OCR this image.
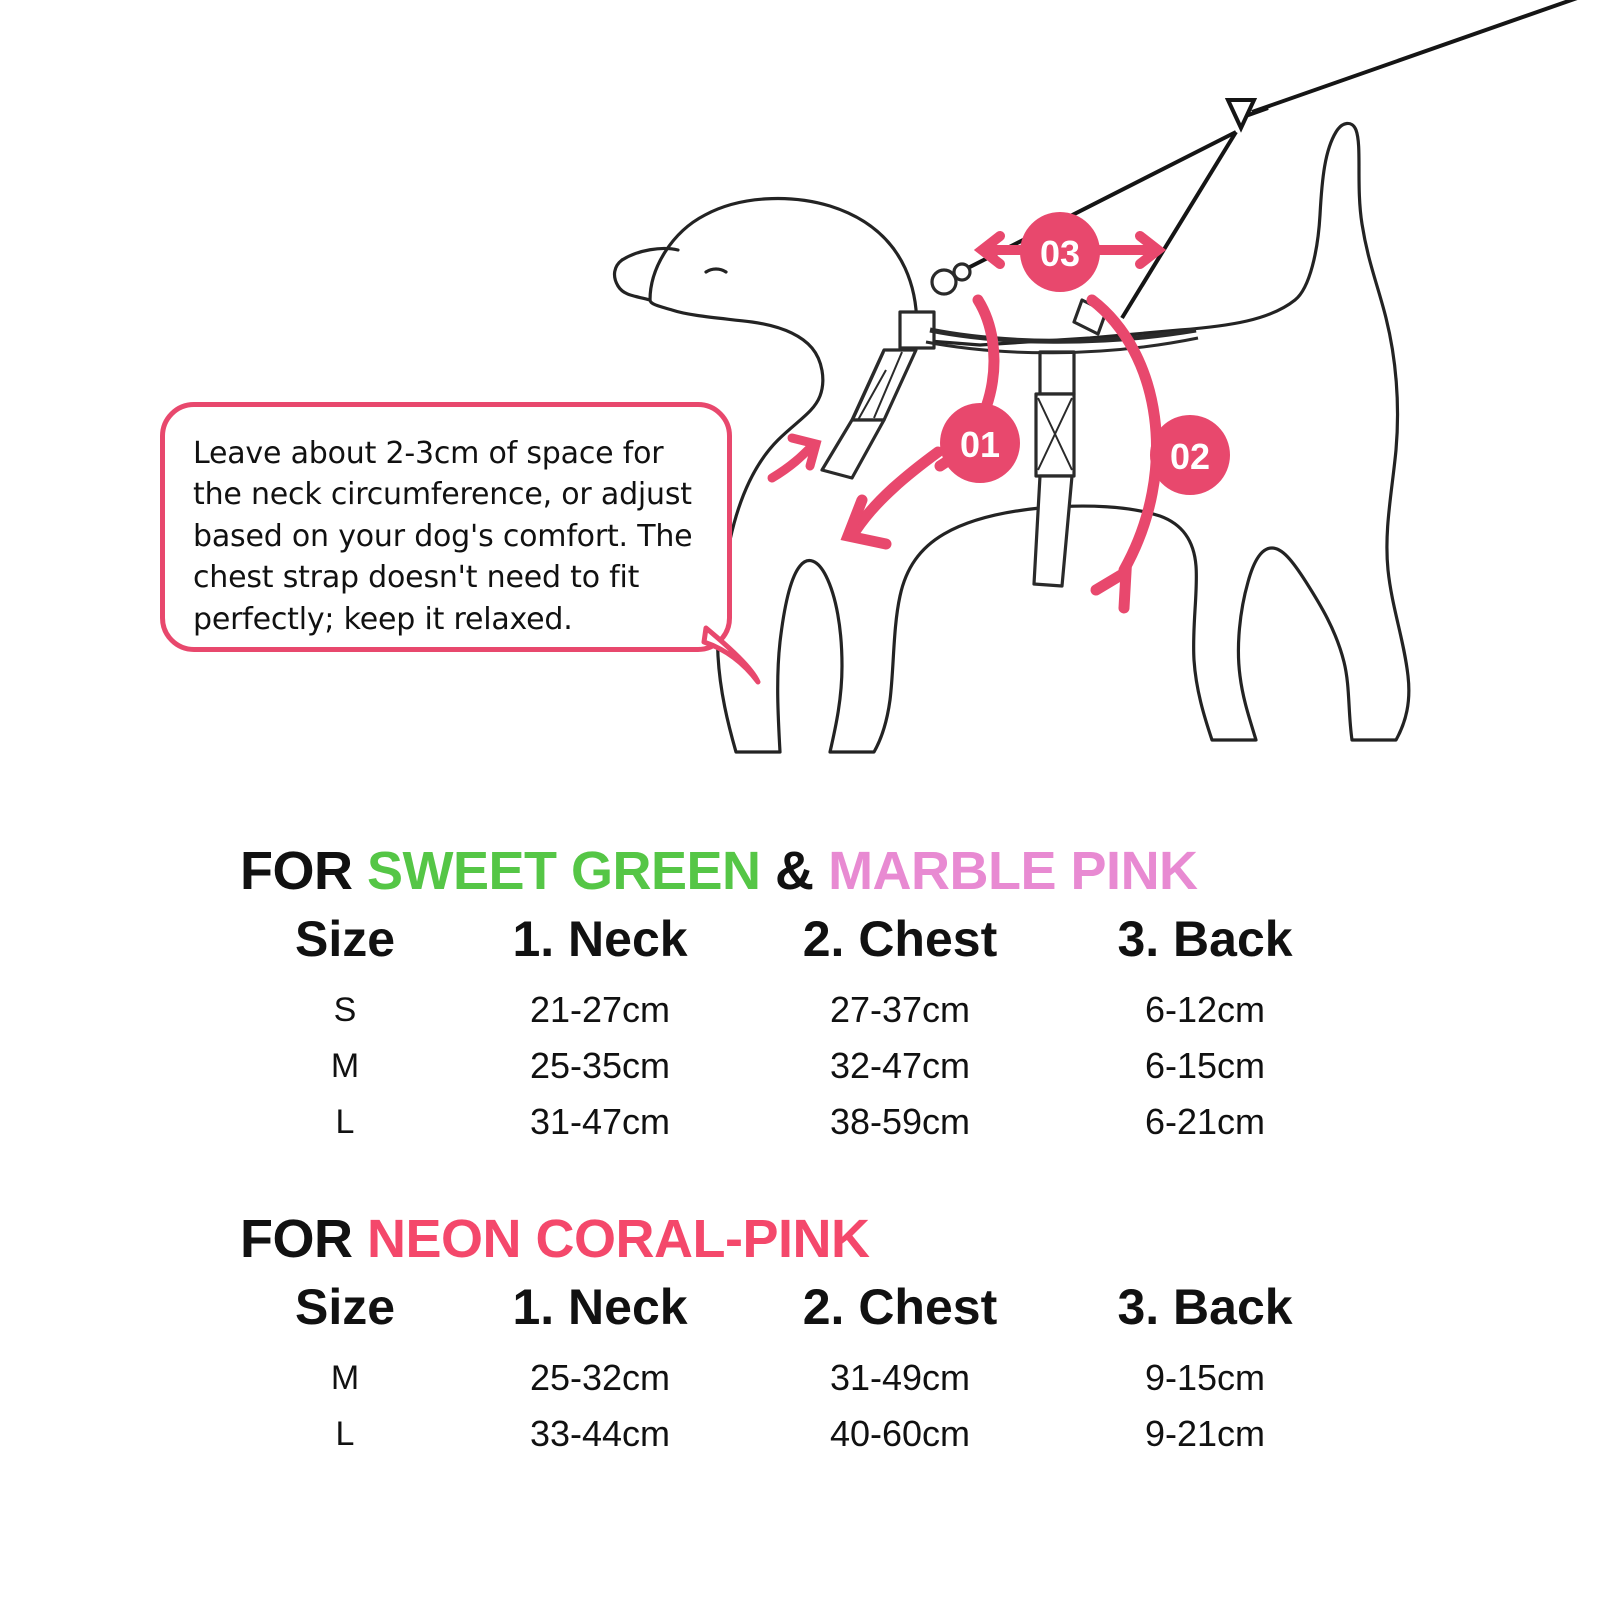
01	02
03
Leave about 2-3cm of space for the neck circumference, or adjust based on your dog's comfort. The chest strap doesn't need to fit perfectly; keep it relaxed.
FOR SWEET GREEN & MARBLE PINK
Size	1. Neck	2. Chest	3. Back
S	21-27cm	27-37cm	6-12cm
M	25-35cm	32-47cm	6-15cm
L	31-47cm	38-59cm	6-21cm
FOR NEON CORAL-PINK
Size	1. Neck	2. Chest	3. Back
M	25-32cm	31-49cm	9-15cm
L	33-44cm	40-60cm	9-21cm
